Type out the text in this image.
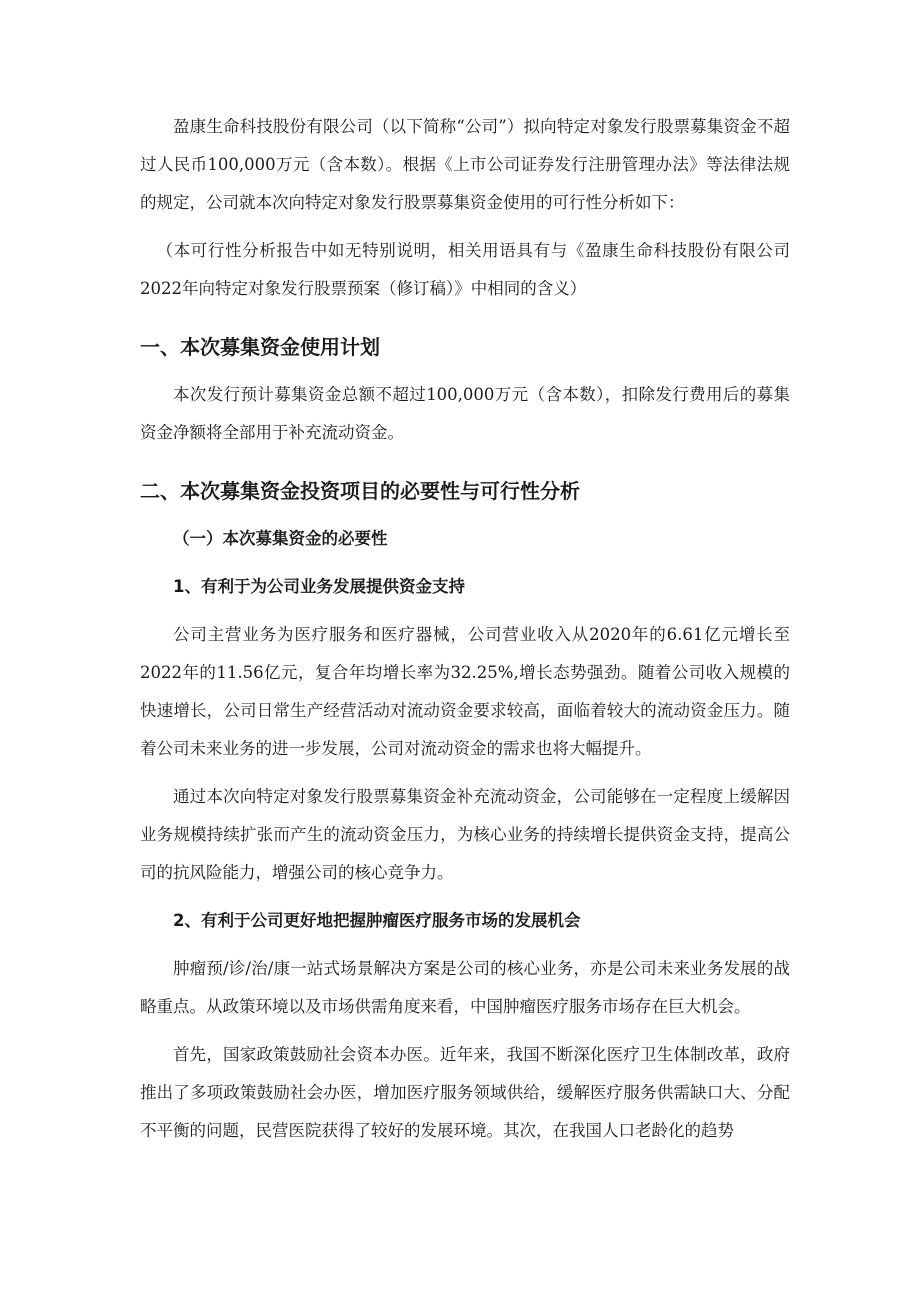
盈康生命科技股份有限公司（以下简称“公司”）拟向特定对象发行股票募集资金不超过人民币100,000万元（含本数）。根据《上市公司证券发行注册管理办法》等法律法规的规定，公司就本次向特定对象发行股票募集资金使用的可行性分析如下：

（本可行性分析报告中如无特别说明，相关用语具有与《盈康生命科技股份有限公司2022年向特定对象发行股票预案（修订稿）》中相同的含义）

一、本次募集资金使用计划

本次发行预计募集资金总额不超过100,000万元（含本数），扣除发行费用后的募集资金净额将全部用于补充流动资金。

二、本次募集资金投资项目的必要性与可行性分析
（一）本次募集资金的必要性
1、有利于为公司业务发展提供资金支持

公司主营业务为医疗服务和医疗器械，公司营业收入从2020年的6.61亿元增长至2022年的11.56亿元，复合年均增长率为32.25%,增长态势强劲。随着公司收入规模的快速增长，公司日常生产经营活动对流动资金要求较高，面临着较大的流动资金压力。随着公司未来业务的进一步发展，公司对流动资金的需求也将大幅提升。

通过本次向特定对象发行股票募集资金补充流动资金，公司能够在一定程度上缓解因业务规模持续扩张而产生的流动资金压力，为核心业务的持续增长提供资金支持，提高公司的抗风险能力，增强公司的核心竞争力。

2、有利于公司更好地把握肿瘤医疗服务市场的发展机会

肿瘤预/诊/治/康一站式场景解决方案是公司的核心业务，亦是公司未来业务发展的战略重点。从政策环境以及市场供需角度来看，中国肿瘤医疗服务市场存在巨大机会。

首先，国家政策鼓励社会资本办医。近年来，我国不断深化医疗卫生体制改革，政府推出了多项政策鼓励社会办医，增加医疗服务领域供给，缓解医疗服务供需缺口大、分配不平衡的问题，民营医院获得了较好的发展环境。其次，在我国人口老龄化的趋势
